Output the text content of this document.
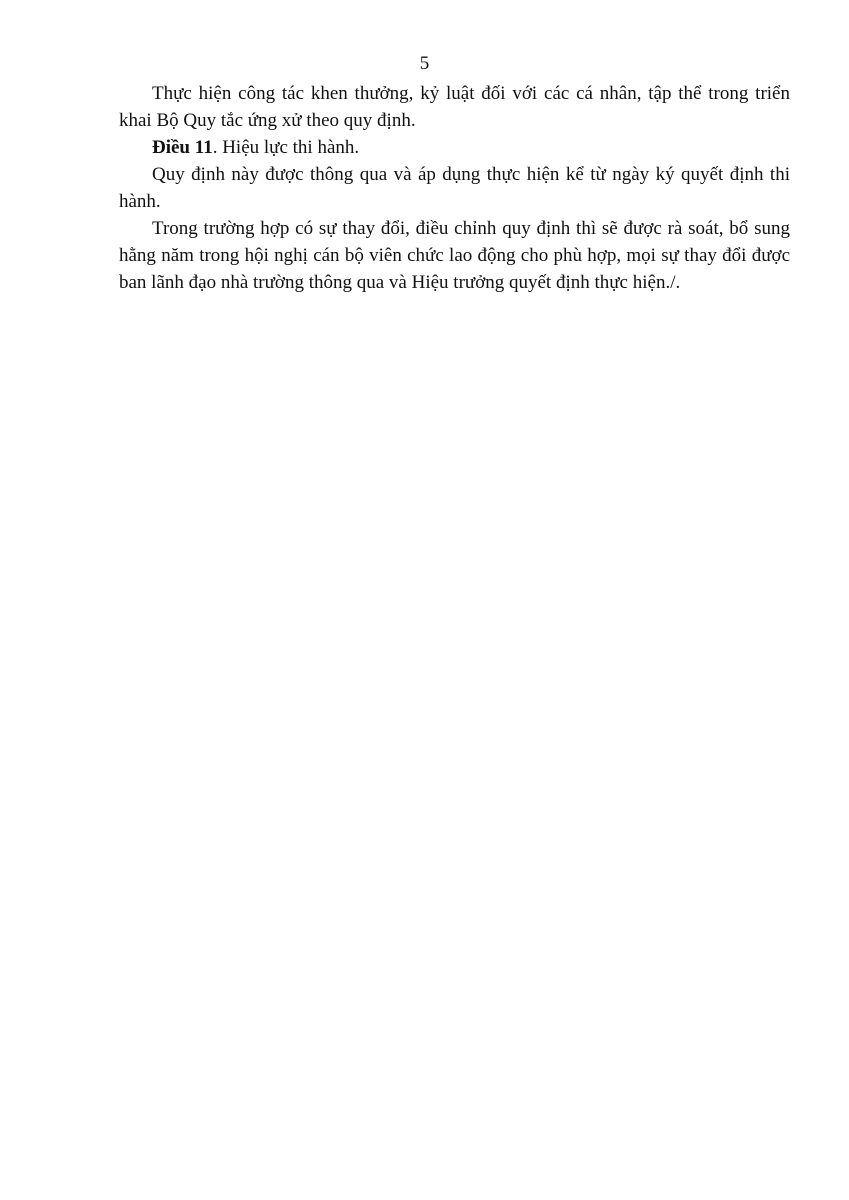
5

Thực hiện công tác khen thưởng, kỷ luật đối với các cá nhân, tập thể trong triển khai Bộ Quy tắc ứng xử theo quy định.

Điều 11. Hiệu lực thi hành.

Quy định này được thông qua và áp dụng thực hiện kể từ ngày ký quyết định thi hành.

Trong trường hợp có sự thay đổi, điều chỉnh quy định thì sẽ được rà soát, bổ sung hằng năm trong hội nghị cán bộ viên chức lao động cho phù hợp, mọi sự thay đổi được ban lãnh đạo nhà trường thông qua và Hiệu trưởng quyết định thực hiện./.
